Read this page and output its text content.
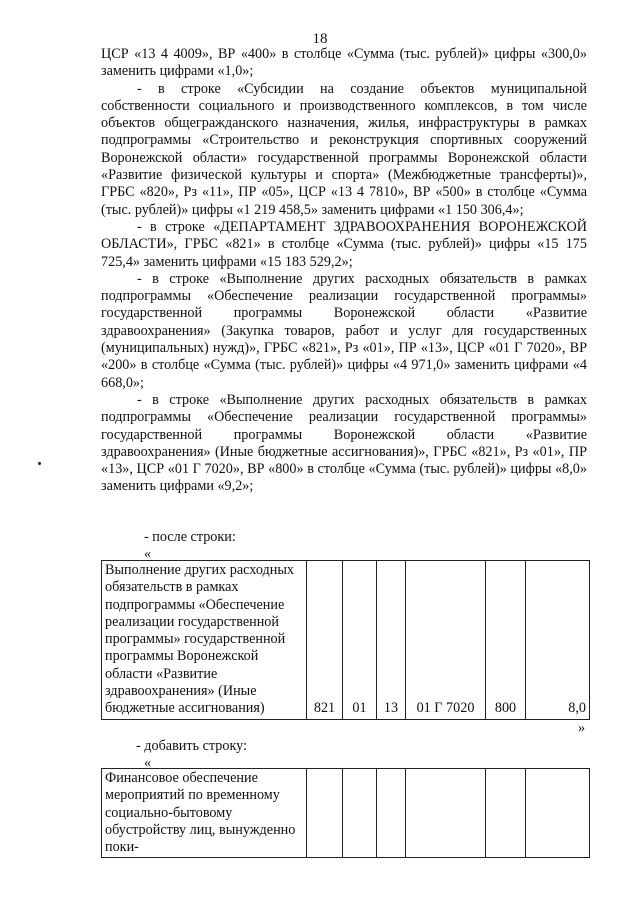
18

ЦСР «13 4 4009», ВР «400» в столбце «Сумма (тыс. рублей)» цифры «300,0» заменить цифрами «1,0»;

- в строке «Субсидии на создание объектов муниципальной собственности социального и производственного комплексов, в том числе объектов общегражданского назначения, жилья, инфраструктуры в рамках подпрограммы «Строительство и реконструкция спортивных сооружений Воронежской области» государственной программы Воронежской области «Развитие физической культуры и спорта» (Межбюджетные трансферты)», ГРБС «820», Рз «11», ПР «05», ЦСР «13 4 7810», ВР «500» в столбце «Сумма (тыс. рублей)» цифры «1 219 458,5» заменить цифрами «1 150 306,4»;

- в строке «ДЕПАРТАМЕНТ ЗДРАВООХРАНЕНИЯ ВОРОНЕЖСКОЙ ОБЛАСТИ», ГРБС «821» в столбце «Сумма (тыс. рублей)» цифры «15 175 725,4» заменить цифрами «15 183 529,2»;

- в строке «Выполнение других расходных обязательств в рамках подпрограммы «Обеспечение реализации государственной программы» государственной программы Воронежской области «Развитие здравоохранения» (Закупка товаров, работ и услуг для государственных (муниципальных) нужд)», ГРБС «821», Рз «01», ПР «13», ЦСР «01 Г 7020», ВР «200» в столбце «Сумма (тыс. рублей)» цифры «4 971,0» заменить цифрами «4 668,0»;

- в строке «Выполнение других расходных обязательств в рамках подпрограммы «Обеспечение реализации государственной программы» государственной программы Воронежской области «Развитие здравоохранения» (Иные бюджетные ассигнования)», ГРБС «821», Рз «01», ПР «13», ЦСР «01 Г 7020», ВР «800» в столбце «Сумма (тыс. рублей)» цифры «8,0» заменить цифрами «9,2»;

- после строки:
«
Выполнение других расходных обязательств в рамках подпрограммы «Обеспечение реализации государственной программы» государственной программы Воронежской области «Развитие здравоохранения» (Иные бюджетные ассигнования)	821	01	13	01 Г 7020	800	8,0
»
- добавить строку:
«
Финансовое обеспечение мероприятий по временному социально-бытовому обустройству лиц, вынужденно поки-						
